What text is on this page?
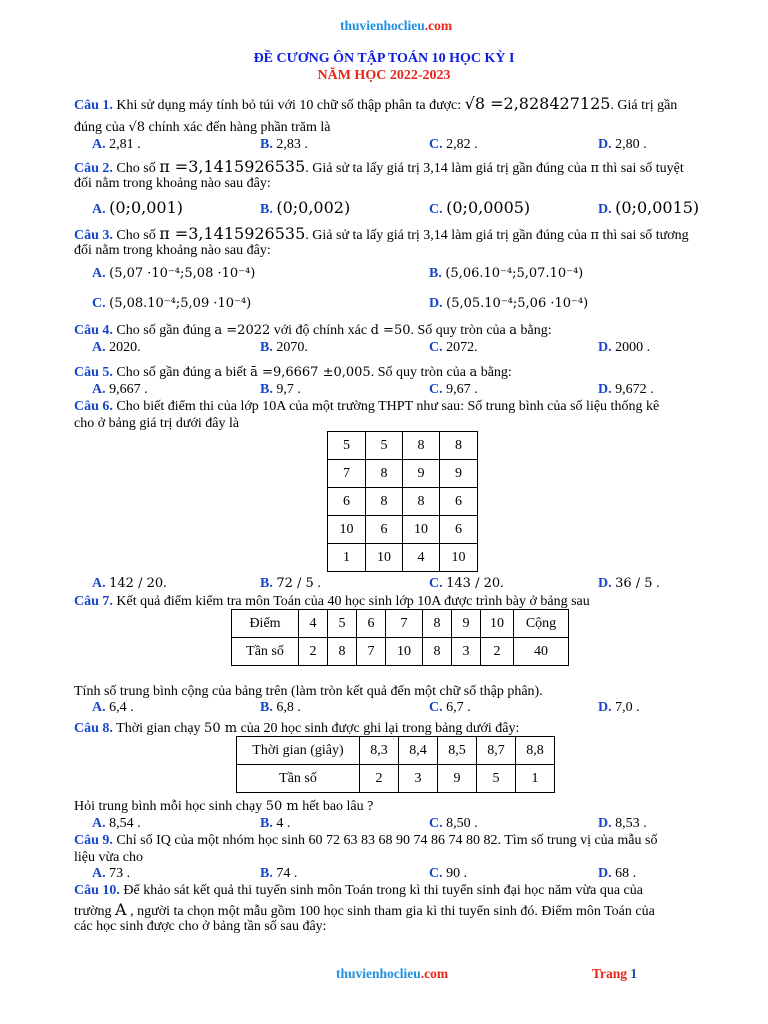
thuvienhoclieu.com
ĐỀ CƯƠNG ÔN TẬP TOÁN 10 HỌC KỲ I
NĂM HỌC 2022-2023
Câu 1. Khi sử dụng máy tính bỏ túi với 10 chữ số thập phân ta được: √8 =2,828427125. Giá trị gần
đúng của √8 chính xác đến hàng phần trăm là
A. 2,81 .	B. 2,83 .	C. 2,82 .	D. 2,80 .
Câu 2. Cho số π =3,1415926535. Giả sử ta lấy giá trị 3,14 làm giá trị gần đúng của π thì sai số tuyệt
đối nằm trong khoảng nào sau đây:
A. (0;0,001)	B. (0;0,002)	C. (0;0,0005)	D. (0;0,0015)
Câu 3. Cho số π =3,1415926535. Giả sử ta lấy giá trị 3,14 làm giá trị gần đúng của π thì sai số tương
đối nằm trong khoảng nào sau đây:
A. (5,07 ·10⁻⁴;5,08 ·10⁻⁴)	B. (5,06.10⁻⁴;5,07.10⁻⁴)
C. (5,08.10⁻⁴;5,09 ·10⁻⁴)	D. (5,05.10⁻⁴;5,06 ·10⁻⁴)
Câu 4. Cho số gần đúng a =2022 với độ chính xác d =50. Số quy tròn của a bằng:
A. 2020.	B. 2070.	C. 2072.	D. 2000 .
Câu 5. Cho số gần đúng a biết ā =9,6667 ±0,005. Số quy tròn của a bằng:
A. 9,667 .	B. 9,7 .	C. 9,67 .	D. 9,672 .
Câu 6. Cho biết điểm thi của lớp 10A của một trường THPT như sau: Số trung bình của số liệu thống kê
cho ở bảng giá trị dưới đây là
5	5	8	8
7	8	9	9
6	8	8	6
10	6	10	6
1	10	4	10
A. 142 / 20.	B. 72 / 5 .	C. 143 / 20.	D. 36 / 5 .
Câu 7. Kết quả điểm kiểm tra môn Toán của 40 học sinh lớp 10A được trình bày ở bảng sau
Điểm	4	5	6	7	8	9	10	Cộng
Tần số	2	8	7	10	8	3	2	40
Tính số trung bình cộng của bảng trên (làm tròn kết quả đến một chữ số thập phân).
A. 6,4 .	B. 6,8 .	C. 6,7 .	D. 7,0 .
Câu 8. Thời gian chạy 50 m của 20 học sinh được ghi lại trong bảng dưới đây:
Thời gian (giây)	8,3	8,4	8,5	8,7	8,8
Tần số	2	3	9	5	1
Hỏi trung bình mỗi học sinh chạy 50 m hết bao lâu ?
A. 8,54 .	B. 4 .	C. 8,50 .	D. 8,53 .
Câu 9. Chỉ số IQ của một nhóm học sinh 60 72 63 83 68 90 74 86 74 80 82. Tìm số trung vị của mẫu số
liệu vừa cho
A. 73 .	B. 74 .	C. 90 .	D. 68 .
Câu 10. Để khảo sát kết quả thi tuyển sinh môn Toán trong kì thi tuyển sinh đại học năm vừa qua của
trường A , người ta chọn một mẫu gồm 100 học sinh tham gia kì thi tuyển sinh đó. Điểm môn Toán của
các học sinh được cho ở bảng tần số sau đây:
thuvienhoclieu.com	Trang 1
